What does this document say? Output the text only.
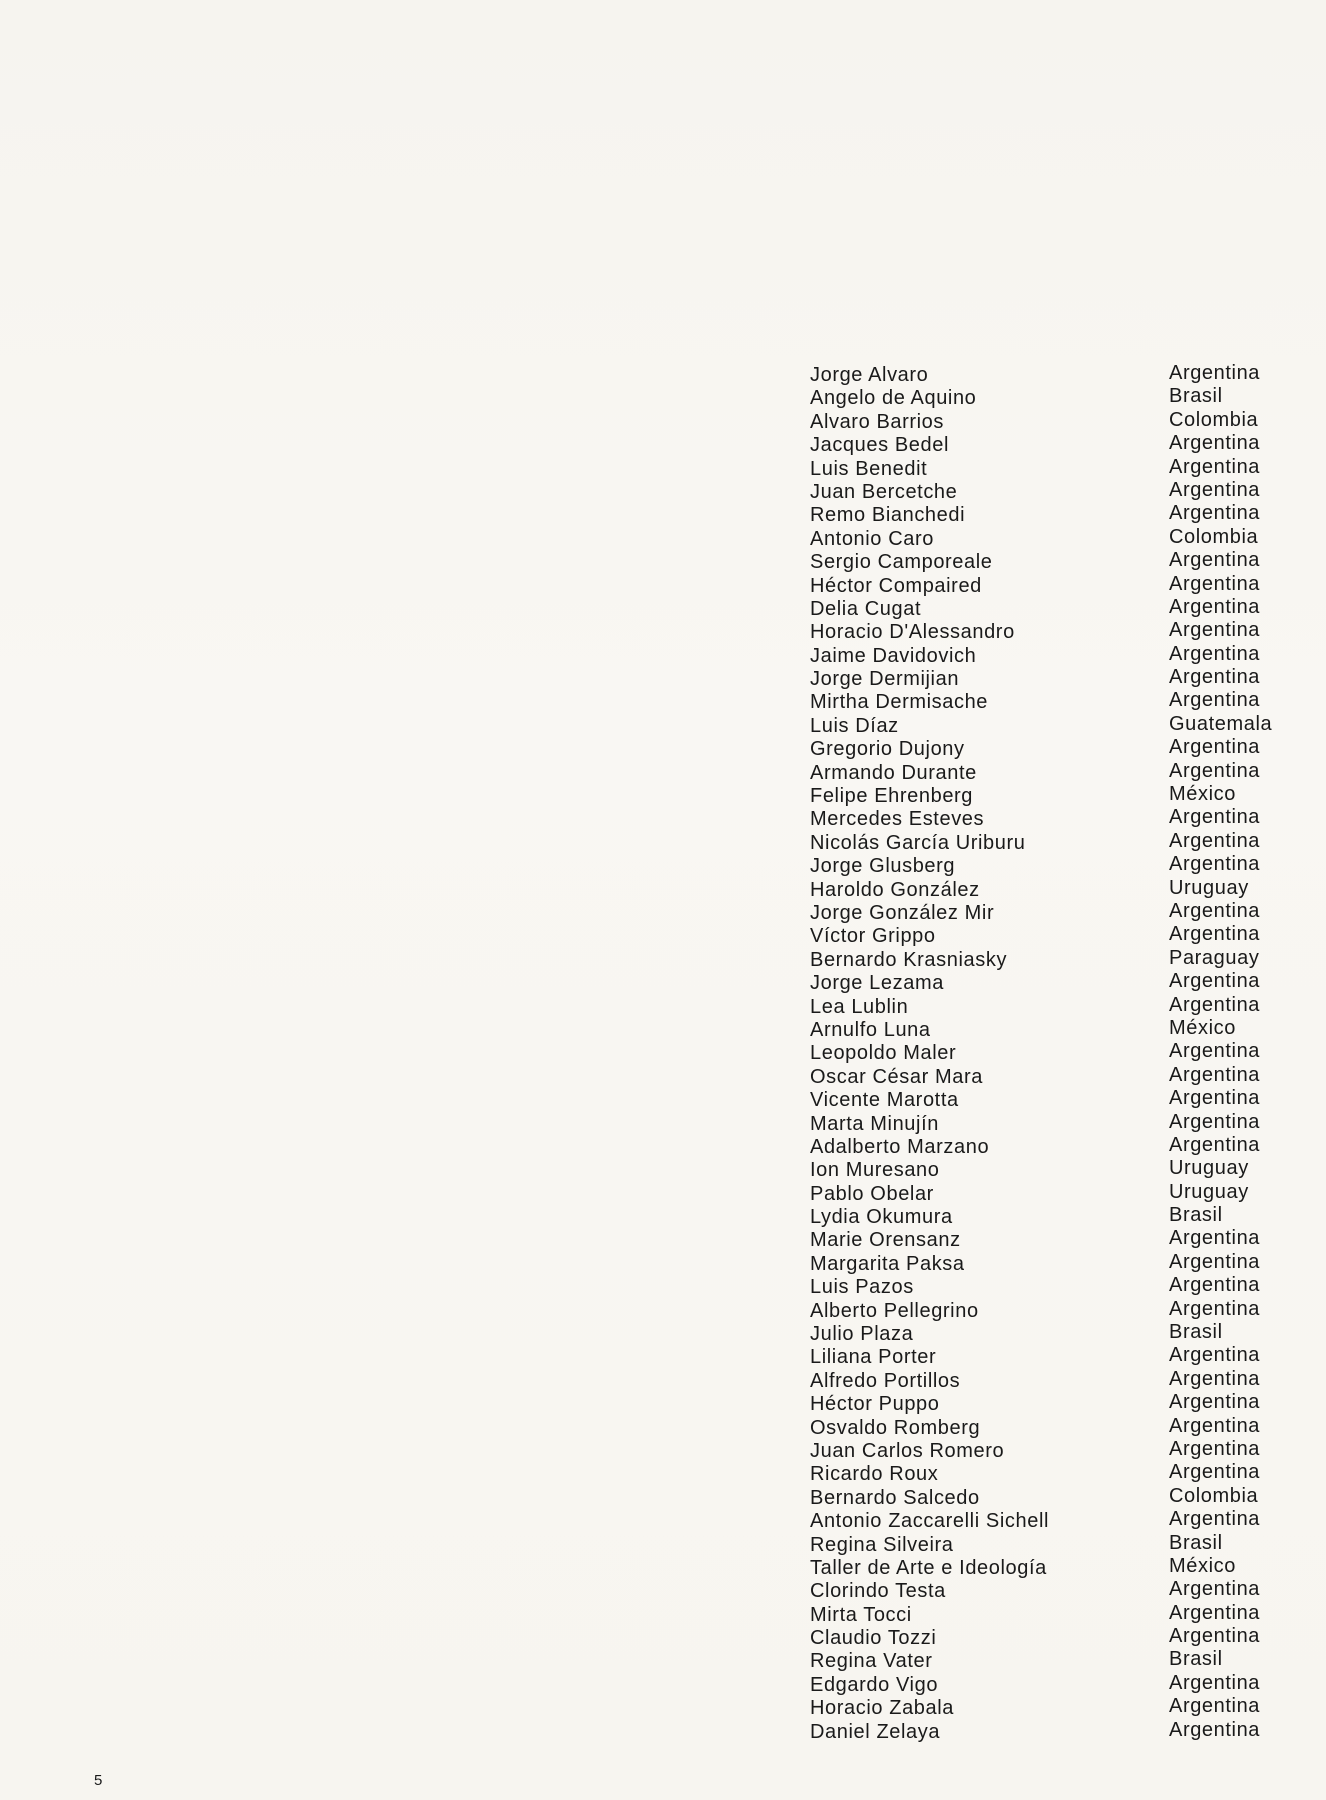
Jorge Alvaro	Argentina
Angelo de Aquino	Brasil
Alvaro Barrios	Colombia
Jacques Bedel	Argentina
Luis Benedit	Argentina
Juan Bercetche	Argentina
Remo Bianchedi	Argentina
Antonio Caro	Colombia
Sergio Camporeale	Argentina
Héctor Compaired	Argentina
Delia Cugat	Argentina
Horacio D'Alessandro	Argentina
Jaime Davidovich	Argentina
Jorge Dermijian	Argentina
Mirtha Dermisache	Argentina
Luis Díaz	Guatemala
Gregorio Dujony	Argentina
Armando Durante	Argentina
Felipe Ehrenberg	México
Mercedes Esteves	Argentina
Nicolás García Uriburu	Argentina
Jorge Glusberg	Argentina
Haroldo González	Uruguay
Jorge González Mir	Argentina
Víctor Grippo	Argentina
Bernardo Krasniasky	Paraguay
Jorge Lezama	Argentina
Lea Lublin	Argentina
Arnulfo Luna	México
Leopoldo Maler	Argentina
Oscar César Mara	Argentina
Vicente Marotta	Argentina
Marta Minujín	Argentina
Adalberto Marzano	Argentina
Ion Muresano	Uruguay
Pablo Obelar	Uruguay
Lydia Okumura	Brasil
Marie Orensanz	Argentina
Margarita Paksa	Argentina
Luis Pazos	Argentina
Alberto Pellegrino	Argentina
Julio Plaza	Brasil
Liliana Porter	Argentina
Alfredo Portillos	Argentina
Héctor Puppo	Argentina
Osvaldo Romberg	Argentina
Juan Carlos Romero	Argentina
Ricardo Roux	Argentina
Bernardo Salcedo	Colombia
Antonio Zaccarelli Sichell	Argentina
Regina Silveira	Brasil
Taller de Arte e Ideología	México
Clorindo Testa	Argentina
Mirta Tocci	Argentina
Claudio Tozzi	Argentina
Regina Vater	Brasil
Edgardo Vigo	Argentina
Horacio Zabala	Argentina
Daniel Zelaya	Argentina
5
